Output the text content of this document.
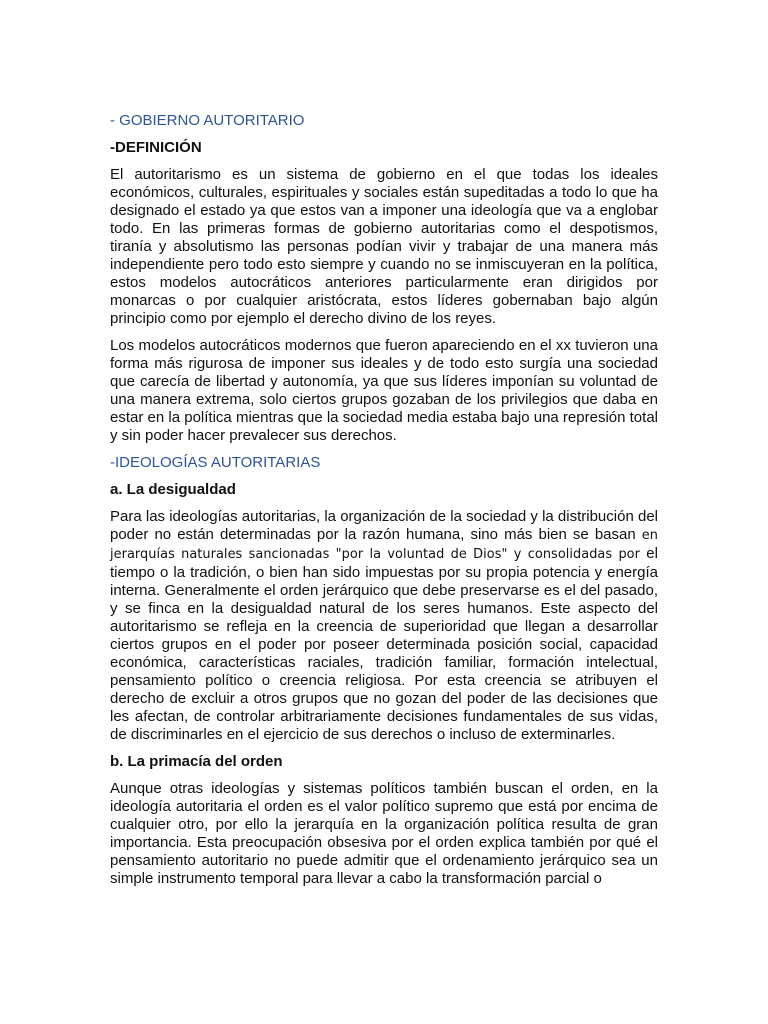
- GOBIERNO AUTORITARIO
-DEFINICIÓN

El autoritarismo es un sistema de gobierno en el que todas los ideales económicos, culturales, espirituales y sociales están supeditadas a todo lo que ha designado el estado ya que estos van a imponer una ideología que va a englobar todo. En las primeras formas de gobierno autoritarias como el despotismos, tiranía y absolutismo las personas podían vivir y trabajar de una manera más independiente pero todo esto siempre y cuando no se inmiscuyeran en la política, estos modelos autocráticos anteriores particularmente eran dirigidos por monarcas o por cualquier aristócrata, estos líderes gobernaban bajo algún principio como por ejemplo el derecho divino de los reyes.

Los modelos autocráticos modernos que fueron apareciendo en el xx tuvieron una forma más rigurosa de imponer sus ideales y de todo esto surgía una sociedad que carecía de libertad y autonomía, ya que sus líderes imponían su voluntad de una manera extrema, solo ciertos grupos gozaban de los privilegios que daba en estar en la política mientras que la sociedad media estaba bajo una represión total y sin poder hacer prevalecer sus derechos.

-IDEOLOGÍAS AUTORITARIAS
a. La desigualdad

Para las ideologías autoritarias, la organización de la sociedad y la distribución del poder no están determinadas por la razón humana, sino más bien se basan en jerarquías naturales sancionadas "por la voluntad de Dios" y consolidadas por el tiempo o la tradición, o bien han sido impuestas por su propia potencia y energía interna. Generalmente el orden jerárquico que debe preservarse es el del pasado, y se finca en la desigualdad natural de los seres humanos. Este aspecto del autoritarismo se refleja en la creencia de superioridad que llegan a desarrollar ciertos grupos en el poder por poseer determinada posición social, capacidad económica, características raciales, tradición familiar, formación intelectual, pensamiento político o creencia religiosa. Por esta creencia se atribuyen el derecho de excluir a otros grupos que no gozan del poder de las decisiones que les afectan, de controlar arbitrariamente decisiones fundamentales de sus vidas, de discriminarles en el ejercicio de sus derechos o incluso de exterminarles.

b. La primacía del orden

Aunque otras ideologías y sistemas políticos también buscan el orden, en la ideología autoritaria el orden es el valor político supremo que está por encima de cualquier otro, por ello la jerarquía en la organización política resulta de gran importancia. Esta preocupación obsesiva por el orden explica también por qué el pensamiento autoritario no puede admitir que el ordenamiento jerárquico sea un simple instrumento temporal para llevar a cabo la transformación parcial o
